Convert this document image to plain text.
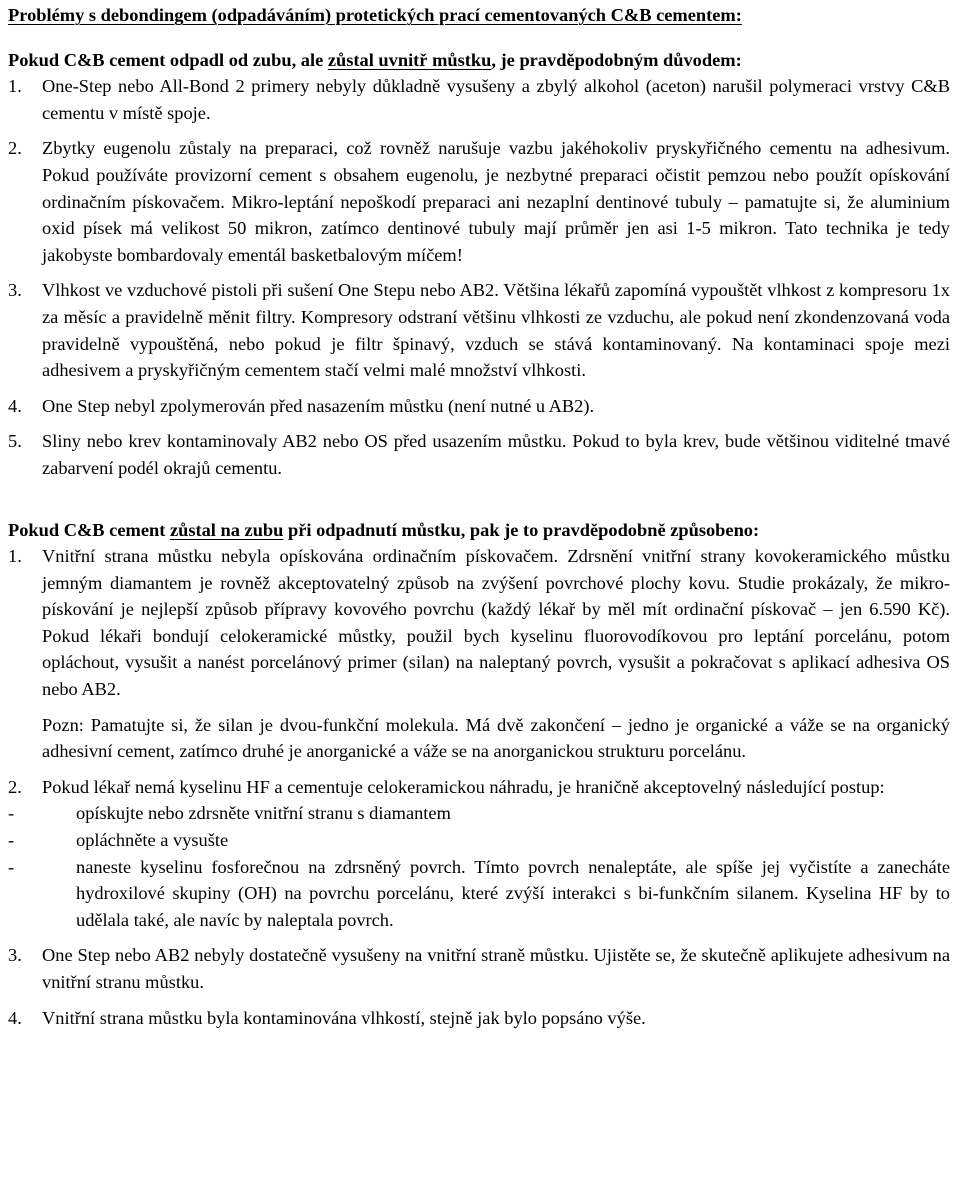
Problémy s debondingem (odpadáváním) protetických prací cementovaných C&B cementem:

Pokud C&B cement odpadl od zubu, ale zůstal uvnitř můstku, je pravděpodobným důvodem:

1. One-Step nebo All-Bond 2 primery nebyly důkladně vysušeny a zbylý alkohol (aceton) narušil polymeraci vrstvy C&B cementu v místě spoje.
2. Zbytky eugenolu zůstaly na preparaci, což rovněž narušuje vazbu jakéhokoliv pryskyřičného cementu na adhesivum. Pokud používáte provizorní cement s obsahem eugenolu, je nezbytné preparaci očistit pemzou nebo použít opískování ordinačním pískovačem. Mikro-leptání nepoškodí preparaci ani nezaplní dentinové tubuly – pamatujte si, že aluminium oxid písek má velikost 50 mikron, zatímco dentinové tubuly mají průměr jen asi 1-5 mikron. Tato technika je tedy jakobyste bombardovaly ementál basketbalovým míčem!
3. Vlhkost ve vzduchové pistoli při sušení One Stepu nebo AB2. Většina lékařů zapomíná vypouštět vlhkost z kompresoru 1x za měsíc a pravidelně měnit filtry. Kompresory odstraní většinu vlhkosti ze vzduchu, ale pokud není zkondenzovaná voda pravidelně vypouštěná, nebo pokud je filtr špinavý, vzduch se stává kontaminovaný. Na kontaminaci spoje mezi adhesivem a pryskyřičným cementem stačí velmi malé množství vlhkosti.
4. One Step nebyl zpolymerován před nasazením můstku (není nutné u AB2).
5. Sliny nebo krev kontaminovaly AB2 nebo OS před usazením můstku. Pokud to byla krev, bude většinou viditelné tmavé zabarvení podél okrajů cementu.

Pokud C&B cement zůstal na zubu při odpadnutí můstku, pak je to pravděpodobně způsobeno:

1. Vnitřní strana můstku nebyla opískována ordinačním pískovačem. Zdrsnění vnitřní strany kovokeramického můstku jemným diamantem je rovněž akceptovatelný způsob na zvýšení povrchové plochy kovu. Studie prokázaly, že mikro-pískování je nejlepší způsob přípravy kovového povrchu (každý lékař by měl mít ordinační pískovač – jen 6.590 Kč). Pokud lékaři bondují celokeramické můstky, použil bych kyselinu fluorovodíkovou pro leptání porcelánu, potom opláchout, vysušit a nanést porcelánový primer (silan) na naleptaný povrch, vysušit a pokračovat s aplikací adhesiva OS nebo AB2.

Pozn: Pamatujte si, že silan je dvou-funkční molekula. Má dvě zakončení – jedno je organické a váže se na organický adhesivní cement, zatímco druhé je anorganické a váže se na anorganickou strukturu porcelánu.

2. Pokud lékař nemá kyselinu HF a cementuje celokeramickou náhradu, je hraničně akceptovelný následující postup:
-	opískujte nebo zdrsněte vnitřní stranu s diamantem
-	opláchněte a vysušte
-	naneste kyselinu fosforečnou na zdrsněný povrch. Tímto povrch nenaleptáte, ale spíše jej vyčistíte a zanecháte hydroxilové skupiny (OH) na povrchu porcelánu, které zvýší interakci s bi-funkčním silanem. Kyselina HF by to udělala také, ale navíc by naleptala povrch.
3. One Step nebo AB2 nebyly dostatečně vysušeny na vnitřní straně můstku. Ujistěte se, že skutečně aplikujete adhesivum na vnitřní stranu můstku.
4. Vnitřní strana můstku byla kontaminována vlhkostí, stejně jak bylo popsáno výše.
